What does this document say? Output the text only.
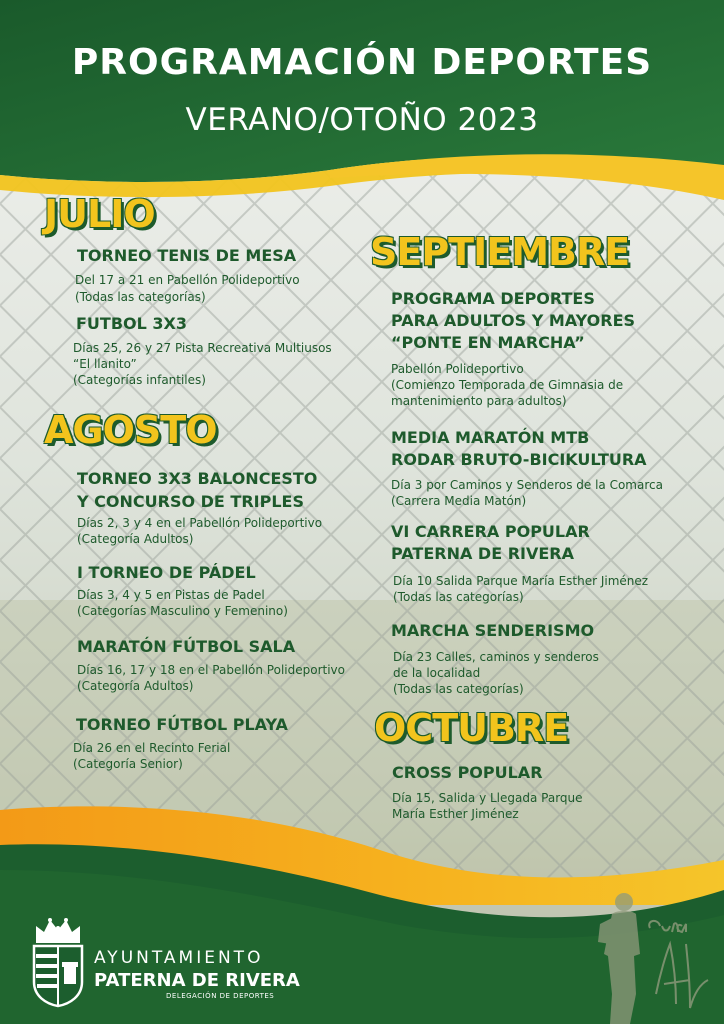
PROGRAMACIÓN DEPORTES
VERANO/OTOÑO 2023
JULIO
TORNEO TENIS DE MESA
Del 17 a 21 en Pabellón Polideportivo
(Todas las categorías)
FUTBOL 3X3
Días 25, 26 y 27 Pista Recreativa Multiusos
“El llanito”
(Categorías infantiles)
AGOSTO
TORNEO 3X3 BALONCESTO
Y CONCURSO DE TRIPLES
Días 2, 3 y 4 en el Pabellón Polideportivo
(Categoría Adultos)
I TORNEO DE PÁDEL
Días 3, 4 y 5 en Pistas de Padel
(Categorías Masculino y Femenino)
MARATÓN FÚTBOL SALA
Días 16, 17 y 18 en el Pabellón Polideportivo
(Categoría Adultos)
TORNEO FÚTBOL PLAYA
Día 26 en el Recinto Ferial
(Categoría Senior)
SEPTIEMBRE
PROGRAMA DEPORTES
PARA ADULTOS Y MAYORES
“PONTE EN MARCHA”
Pabellón Polideportivo
(Comienzo Temporada de Gimnasia de
mantenimiento para adultos)
MEDIA MARATÓN MTB
RODAR BRUTO-BICIKULTURA
Día 3 por Caminos y Senderos de la Comarca
(Carrera Media Matón)
VI CARRERA POPULAR
PATERNA DE RIVERA
Día 10 Salida Parque María Esther Jiménez
(Todas las categorías)
MARCHA SENDERISMO
Día 23 Calles, caminos y senderos
de la localidad
(Todas las categorías)
OCTUBRE
CROSS POPULAR
Día 15, Salida y Llegada Parque
María Esther Jiménez
AYUNTAMIENTO
PATERNA DE RIVERA
DELEGACIÓN DE DEPORTES
